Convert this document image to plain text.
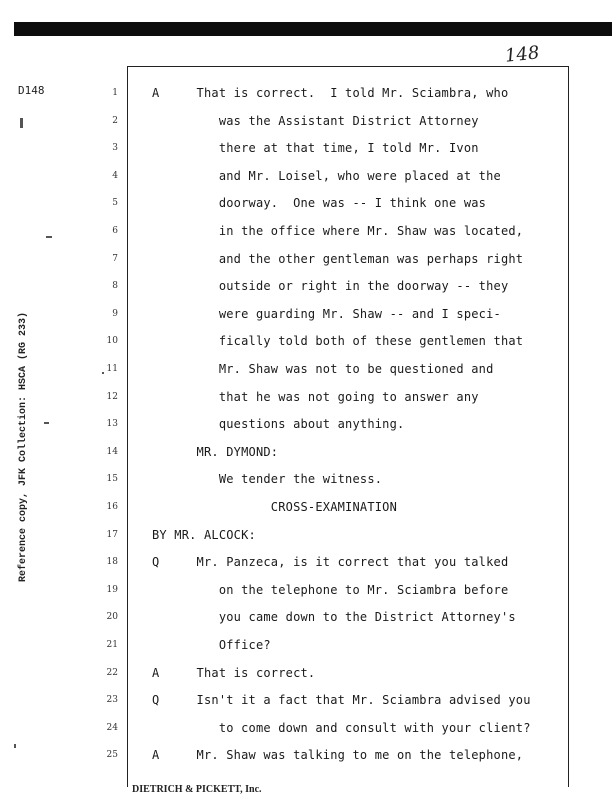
148
D148
Reference copy, JFK Collection: HSCA (RG 233)
1	A     That is correct.  I told Mr. Sciambra, who
2	was the Assistant District Attorney
3	there at that time, I told Mr. Ivon
4	and Mr. Loisel, who were placed at the
5	doorway.  One was -- I think one was
6	in the office where Mr. Shaw was located,
7	and the other gentleman was perhaps right
8	outside or right in the doorway -- they
9	were guarding Mr. Shaw -- and I speci-
10	fically told both of these gentlemen that
11	Mr. Shaw was not to be questioned and
12	that he was not going to answer any
13	questions about anything.
14	MR. DYMOND:
15	We tender the witness.
16	CROSS-EXAMINATION
17	BY MR. ALCOCK:
18	Q     Mr. Panzeca, is it correct that you talked
19	on the telephone to Mr. Sciambra before
20	you came down to the District Attorney's
21	Office?
22	A     That is correct.
23	Q     Isn't it a fact that Mr. Sciambra advised you
24	to come down and consult with your client?
25	A     Mr. Shaw was talking to me on the telephone,
DIETRICH & PICKETT, Inc.
